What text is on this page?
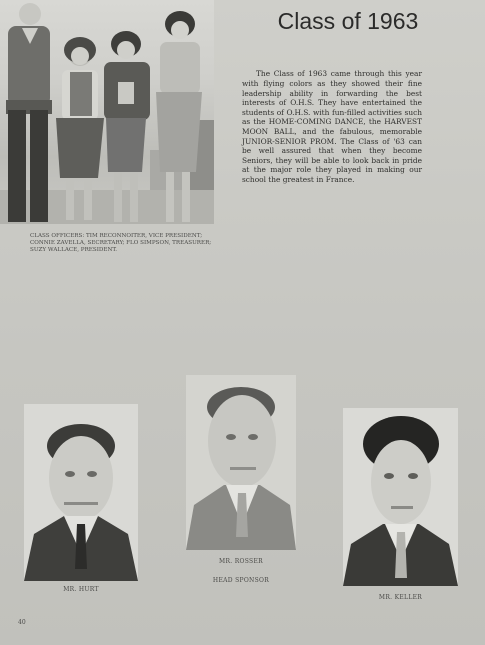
Class of 1963

The Class of 1963 came through this year with flying colors as they showed their fine leadership ability in forwarding the best interests of O.H.S. They have entertained the students of O.H.S. with fun-filled activities such as the HOME-COMING DANCE, the HARVEST MOON BALL, and the fabulous, memorable JUNIOR-SENIOR PROM. The Class of '63 can be well assured that when they become Seniors, they will be able to look back in pride at the major role they played in making our school the greatest in France.

CLASS OFFICERS: TIM RECONNOITER, VICE PRESIDENT; CONNIE ZAVELLA, SECRETARY; FLO SIMPSON, TREASURER; SUZY WALLACE, PRESIDENT.
MR. HURT
MR. ROSSER
HEAD SPONSOR
MR. KELLER
40
